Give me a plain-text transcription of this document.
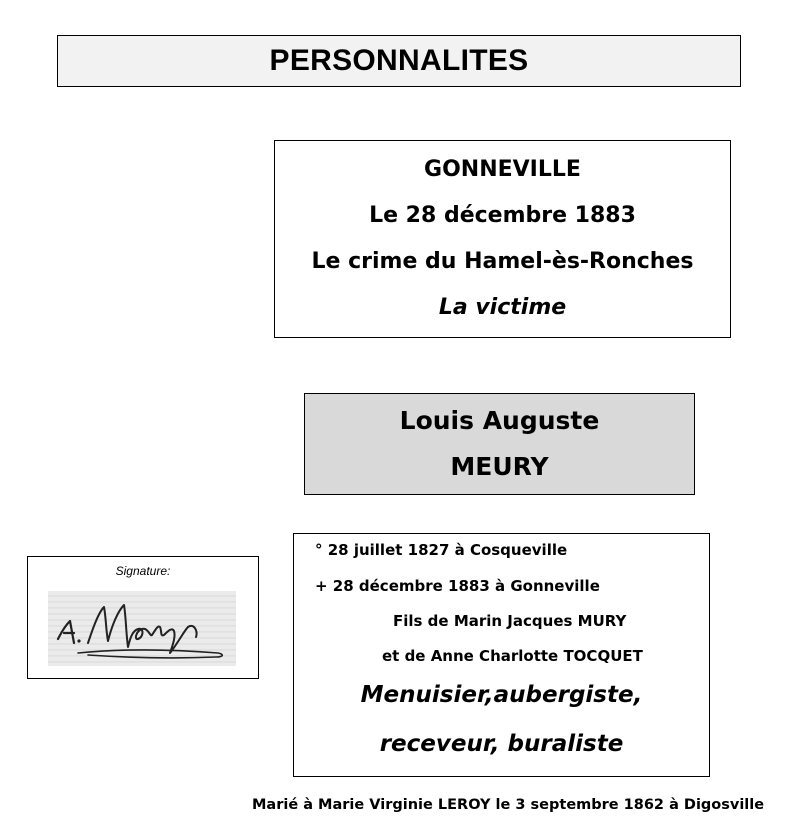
PERSONNALITES
GONNEVILLE
Le 28 décembre 1883
Le crime du Hamel-ès-Ronches
La victime
Louis Auguste
MEURY
Signature:
° 28 juillet 1827 à Cosqueville
+ 28 décembre 1883 à Gonneville
Fils de Marin Jacques MURY
et de Anne Charlotte TOCQUET
Menuisier,aubergiste,
receveur, buraliste
Marié à Marie Virginie LEROY le 3 septembre 1862 à Digosville
